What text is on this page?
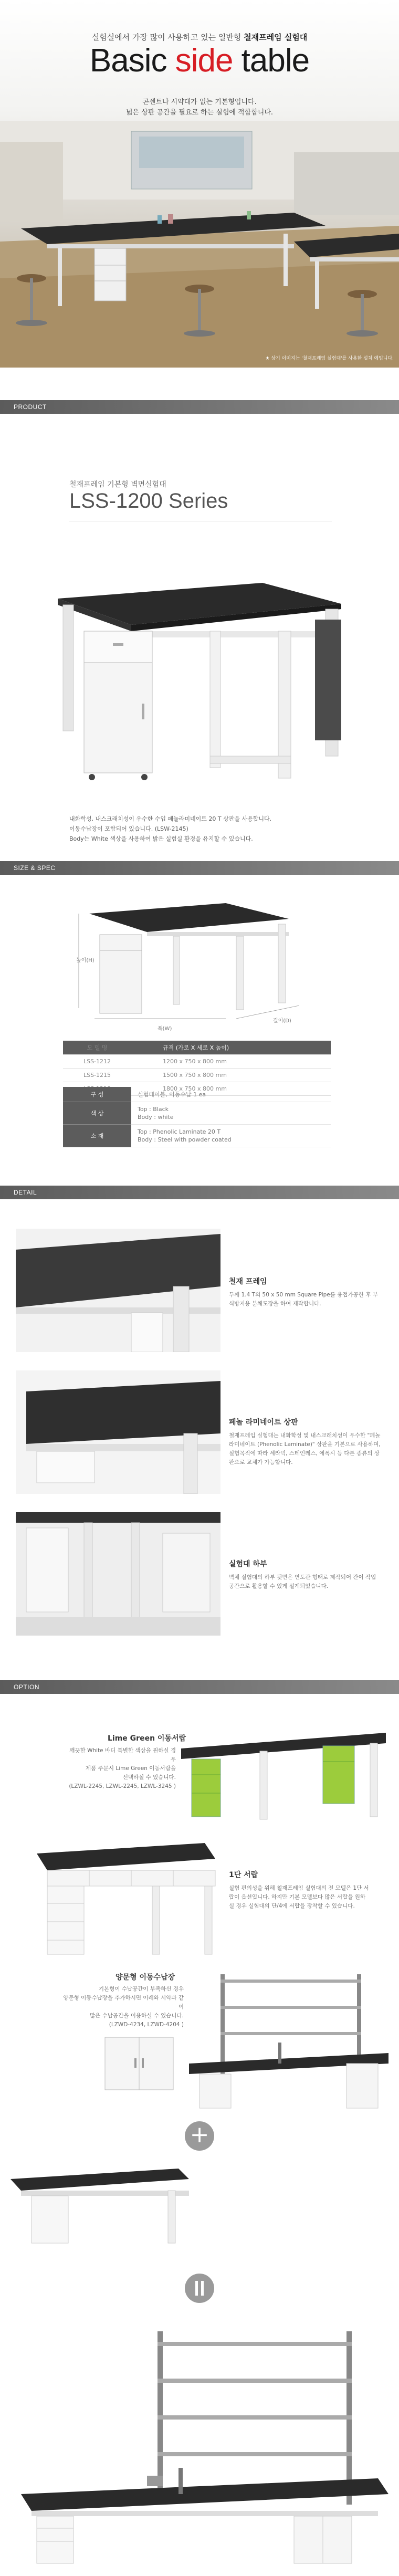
실험실에서 가장 많이 사용하고 있는 일반형 철재프레임 실험대
Basic side table
콘센트나 시약대가 없는 기본형입니다.
넓은 상판 공간을 필요로 하는 실험에 적합합니다.
★ 상기 이미지는 '철재프레임 실험대'를 사용한 설치 예입니다.
PRODUCT
철재프레임 기본형 벽면실험대
LSS-1200 Series
내화학성, 내스크래치성이 우수한 수입 페놀라미네이트 20 T 상판을 사용합니다.
이동수납장이 포함되어 있습니다. (LSW-2145)
Body는 White 색상을 사용하여 밝은 실험실 환경을 유지할 수 있습니다.
SIZE & SPEC
높이(H)
폭(W)
깊이(D)
모 델 명	규격 (가로 X 세로 X 높이)
LSS-1212	1200 x 750 x 800 mm
LSS-1215	1500 x 750 x 800 mm
	1800 x 750 x 800 mm
구 성	실험테이블, 이동수납 1 ea

색 상	Top : Black
Body : white

소 재	Top : Phenolic Laminate 20 T
Body : Steel with powder coated
DETAIL
철재 프레임
두께 1.4 T의 50 x 50 mm Square Pipe를 용접가공한 후 부식방지용 분체도장을 하여 제작합니다.
페놀 라미네이트 상판
철재프레임 실험대는 내화학성 및 내스크래치성이 우수한 "페놀라미네이트 (Phenolic Laminate)" 상판을 기본으로 사용하며, 실험목적에 따라 세라믹, 스테인레스, 에폭시 등 다른 종류의 상판으로 교체가 가능합니다.
실험대 하부
벽체 실험대의 하부 뒷면은 연도관 형태로 제작되어 간이 작업공간으로 활용할 수 있게 설계되었습니다.
OPTION
Lime Green 이동서랍
깨끗한 White 바디 특별한 색상을 원하실 경우
제품 주문시 Lime Green 이동서랍을
선택하실 수 있습니다.
(LZWL-2245, LZWL-2245, LZWL-3245 )
1단 서랍
실험 편의성을 위해 철재프레임 실험대의 전 모델은 1단 서랍이 옵션입니다. 하지만 기본 모델보다 많은 서랍을 원하실 경우 실험대의 단/4에 서랍을 장착할 수 있습니다.
양문형 이동수납장
기본형이 수납공간이 부족하신 경우
양문형 이동수납장을 추가하시면 이레와 시약과 같이
많은 수납공간을 이용하실 수 있습니다.
(LZWD-4234, LZWD-4204 )
+
